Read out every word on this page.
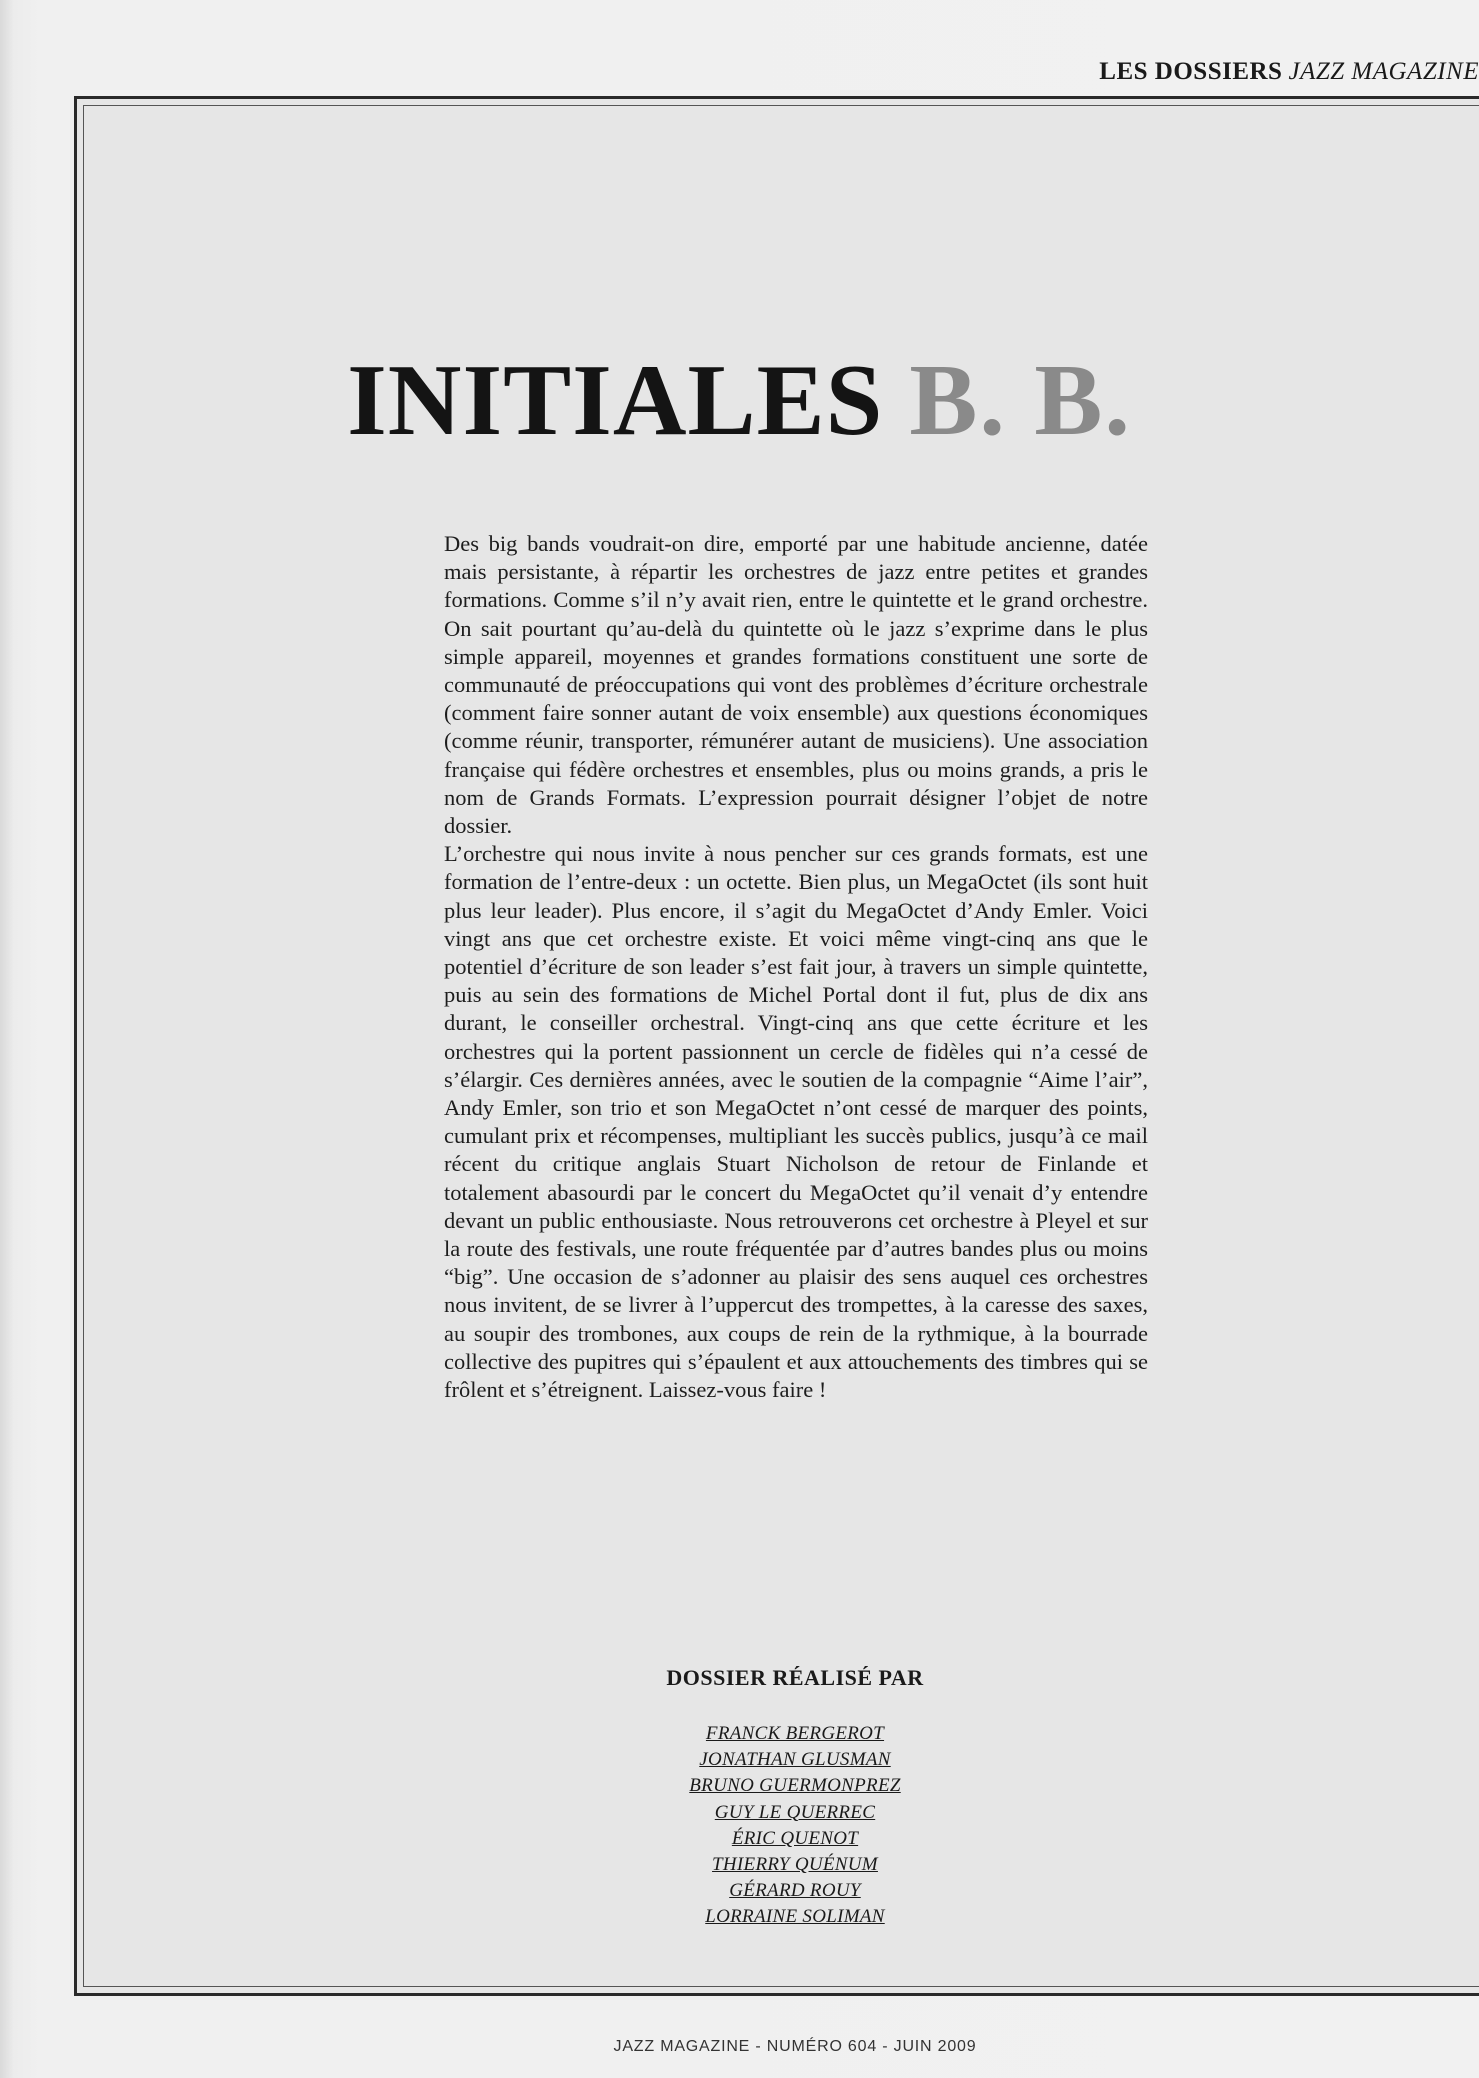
LES DOSSIERS JAZZ MAGAZINE
INITIALES B. B.

Des big bands voudrait-on dire, emporté par une habitude ancienne, datée mais persistante, à répartir les orchestres de jazz entre petites et grandes formations. Comme s’il n’y avait rien, entre le quintette et le grand orchestre. On sait pourtant qu’au-delà du quintette où le jazz s’exprime dans le plus simple appareil, moyennes et grandes formations constituent une sorte de communauté de préoccupations qui vont des problèmes d’écriture orchestrale (comment faire sonner autant de voix ensemble) aux questions économiques (comme réunir, transporter, rémunérer autant de musiciens). Une association française qui fédère orchestres et ensembles, plus ou moins grands, a pris le nom de Grands Formats. L’expression pourrait désigner l’objet de notre dossier.

L’orchestre qui nous invite à nous pencher sur ces grands formats, est une formation de l’entre-deux : un octette. Bien plus, un MegaOctet (ils sont huit plus leur leader). Plus encore, il s’agit du MegaOctet d’Andy Emler. Voici vingt ans que cet orchestre existe. Et voici même vingt-cinq ans que le potentiel d’écriture de son leader s’est fait jour, à travers un simple quintette, puis au sein des formations de Michel Portal dont il fut, plus de dix ans durant, le conseiller orchestral. Vingt-cinq ans que cette écriture et les orchestres qui la portent passionnent un cercle de fidèles qui n’a cessé de s’élargir. Ces dernières années, avec le soutien de la compagnie “Aime l’air”, Andy Emler, son trio et son MegaOctet n’ont cessé de marquer des points, cumulant prix et récompenses, multipliant les succès publics, jusqu’à ce mail récent du critique anglais Stuart Nicholson de retour de Finlande et totalement abasourdi par le concert du MegaOctet qu’il venait d’y entendre devant un public enthousiaste. Nous retrouverons cet orchestre à Pleyel et sur la route des festivals, une route fréquentée par d’autres bandes plus ou moins “big”. Une occasion de s’adonner au plaisir des sens auquel ces orchestres nous invitent, de se livrer à l’uppercut des trompettes, à la caresse des saxes, au soupir des trombones, aux coups de rein de la rythmique, à la bourrade collective des pupitres qui s’épaulent et aux attouchements des timbres qui se frôlent et s’étreignent. Laissez-vous faire !

DOSSIER RÉALISÉ PAR
FRANCK BERGEROT
JONATHAN GLUSMAN
BRUNO GUERMONPREZ
GUY LE QUERREC
ÉRIC QUENOT
THIERRY QUÉNUM
GÉRARD ROUY
LORRAINE SOLIMAN
JAZZ MAGAZINE - NUMÉRO 604 - JUIN 2009
